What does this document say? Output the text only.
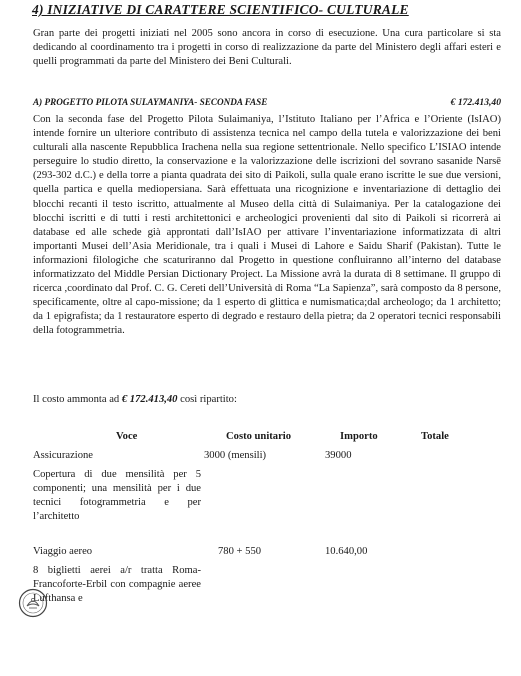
4) INIZIATIVE DI CARATTERE SCIENTIFICO- CULTURALE
Gran parte dei progetti iniziati nel 2005 sono ancora in corso di esecuzione. Una cura particolare si sta dedicando al coordinamento tra i progetti in corso di realizzazione da parte del Ministero degli affari esteri e quelli programmati da parte del Ministero dei Beni Culturali.
A) PROGETTO PILOTA SULAYMANIYA- SECONDA FASE	€ 172.413,40
Con la seconda fase del Progetto Pilota Sulaimaniya, l’Istituto Italiano per l’Africa e l’Oriente (IsIAO) intende fornire un ulteriore contributo di assistenza tecnica nel campo della tutela e valorizzazione dei beni culturali alla nascente Repubblica Irachena nella sua regione settentrionale. Nello specifico L’ISIAO intende perseguire lo studio diretto, la conservazione e la valorizzazione delle iscrizioni del sovrano sasanide Narsē (293-302 d.C.) e della torre a pianta quadrata dei sito di Paikoli, sulla quale erano iscritte le sue due versioni, quella partica e quella mediopersiana. Sarà effettuata una ricognizione e inventariazione di dettaglio dei blocchi recanti il testo iscritto, attualmente al Museo della città di Sulaimaniya. Per la catalogazione dei blocchi iscritti e di tutti i resti architettonici e archeologici provenienti dal sito di Paikoli si ricorrerà ai database ed alle schede già approntati dall’IsIAO per attivare l’inventariazione informatizzata di altri importanti Musei dell’Asia Meridionale, tra i quali i Musei di Lahore e Saidu Sharif (Pakistan). Tutte le informazioni filologiche che scaturiranno dal Progetto in questione confluiranno all’interno del database informatizzato del Middle Persian Dictionary Project. La Missione avrà la durata di 8 settimane. Il gruppo di ricerca ,coordinato dal Prof. C. G. Cereti dell’Università di Roma “La Sapienza”, sarà composto da 8 persone, specificamente, oltre al capo-missione; da 1 esperto di glittica e numismatica;dal archeologo; da 1 architetto; da 1 epigrafista; da 1 restauratore esperto di degrado e restauro della pietra; da 2 operatori tecnici responsabili della fotogrammetria.
Il costo ammonta ad € 172.413,40 così ripartito:
Voce	Costo unitario	Importo	Totale
Assicurazione	3000 (mensili)	39000
Copertura di due mensilità per 5 componenti; una mensilità per i due tecnici fotogrammetria e per l’architetto
Viaggio aereo	780 + 550	10.640,00
8 biglietti aerei a/r tratta Roma-Francoforte-Erbil con compagnie aeree Lufthansa e
